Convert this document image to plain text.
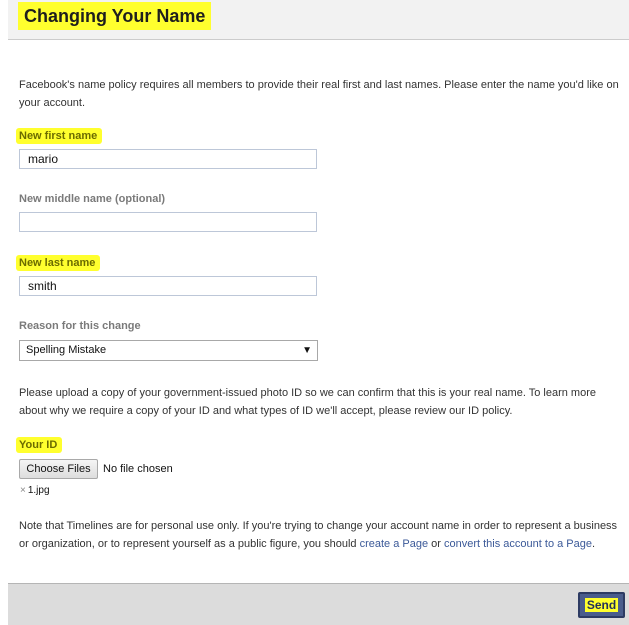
Changing Your Name

Facebook's name policy requires all members to provide their real first and last names. Please enter the name you'd like on your account.

New first name
mario
New middle name (optional)
New last name
smith
Reason for this change
Spelling Mistake	▼

Please upload a copy of your government-issued photo ID so we can confirm that this is your real name. To learn more about why we require a copy of your ID and what types of ID we'll accept, please review our ID policy.

Your ID
Choose Files	No file chosen
× 1.jpg

Note that Timelines are for personal use only. If you're trying to change your account name in order to represent a business or organization, or to represent yourself as a public figure, you should create a Page or convert this account to a Page.

Send
